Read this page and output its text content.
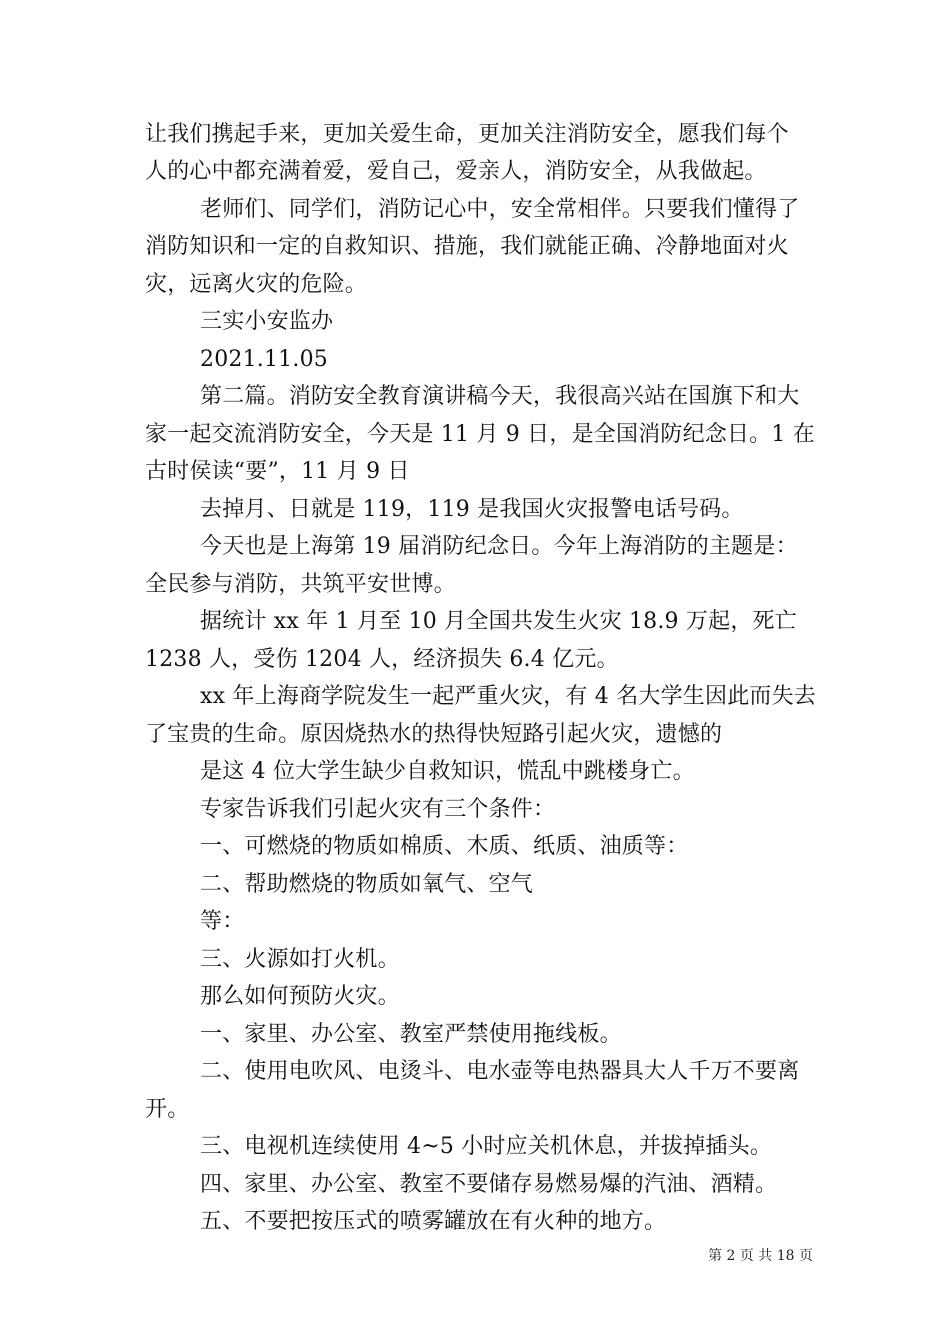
让我们携起手来，更加关爱生命，更加关注消防安全，愿我们每个
人的心中都充满着爱，爱自己，爱亲人，消防安全，从我做起。
老师们、同学们，消防记心中，安全常相伴。只要我们懂得了
消防知识和一定的自救知识、措施，我们就能正确、冷静地面对火
灾，远离火灾的危险。
三实小安监办
2021.11.05
第二篇。消防安全教育演讲稿今天，我很高兴站在国旗下和大
家一起交流消防安全，今天是 11 月 9 日，是全国消防纪念日。1 在
古时侯读“要”，11 月 9 日
去掉月、日就是 119，119 是我国火灾报警电话号码。
今天也是上海第 19 届消防纪念日。今年上海消防的主题是：
全民参与消防，共筑平安世博。
据统计 xx 年 1 月至 10 月全国共发生火灾 18.9 万起，死亡
1238 人，受伤 1204 人，经济损失 6.4 亿元。
xx 年上海商学院发生一起严重火灾，有 4 名大学生因此而失去
了宝贵的生命。原因烧热水的热得快短路引起火灾，遗憾的
是这 4 位大学生缺少自救知识，慌乱中跳楼身亡。
专家告诉我们引起火灾有三个条件：
一、可燃烧的物质如棉质、木质、纸质、油质等：
二、帮助燃烧的物质如氧气、空气
等：
三、火源如打火机。
那么如何预防火灾。
一、家里、办公室、教室严禁使用拖线板。
二、使用电吹风、电烫斗、电水壶等电热器具大人千万不要离
开。
三、电视机连续使用 4~5 小时应关机休息，并拔掉插头。
四、家里、办公室、教室不要储存易燃易爆的汽油、酒精。
五、不要把按压式的喷雾罐放在有火种的地方。
第 2 页 共 18 页
